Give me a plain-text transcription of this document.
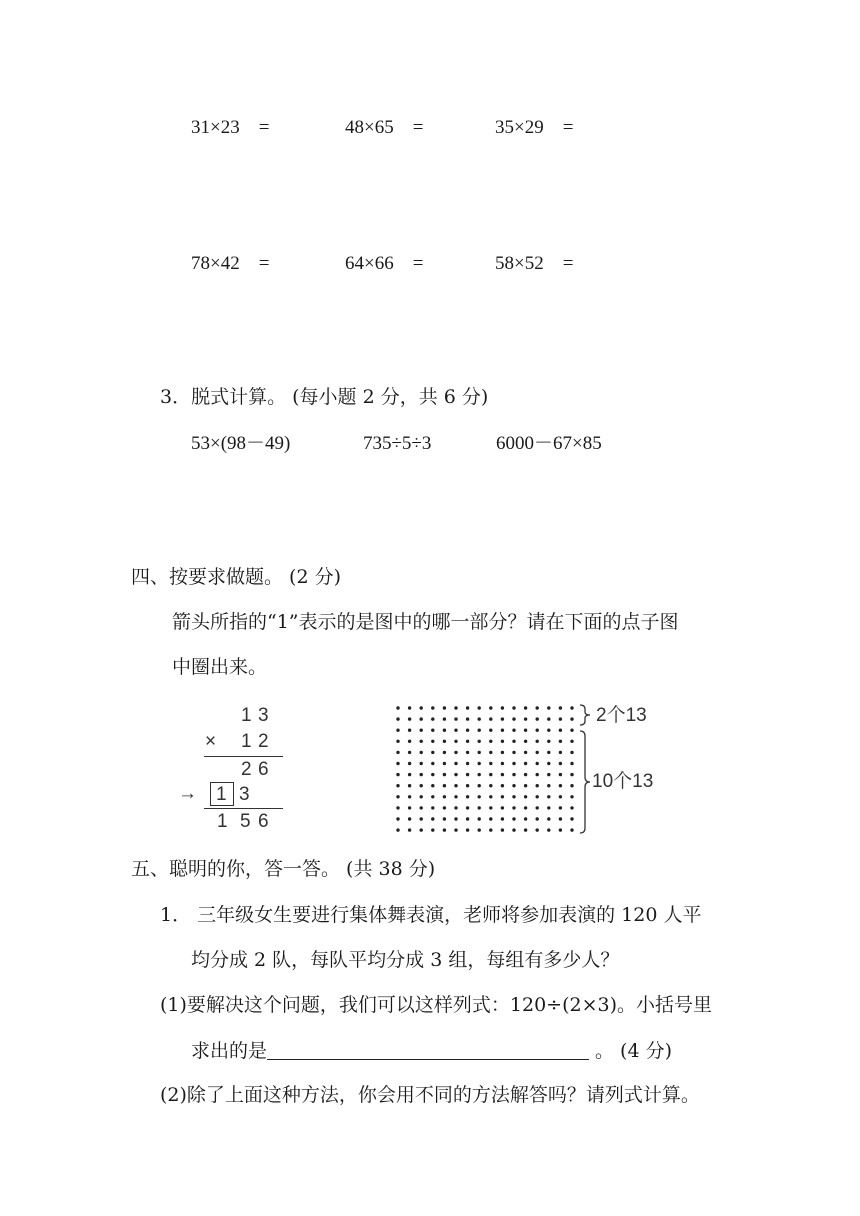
31×23　=	48×65　=	35×29　=
78×42　=	64×66　=	58×52　=
3．脱式计算。 (每小题 2 分，共 6 分)
53×(98－49)	735÷5÷3	6000－67×85
四、按要求做题。 (2 分)
箭头所指的“1”表示的是图中的哪一部分？请在下面的点子图
中圈出来。
1 3
× 1 2
2 6
→ 1 3
1 5 6
2个13
10个13
五、聪明的你，答一答。 (共 38 分)
1． 三年级女生要进行集体舞表演，老师将参加表演的 120 人平
均分成 2 队，每队平均分成 3 组，每组有多少人？
(1)要解决这个问题，我们可以这样列式：120÷(2×3)。小括号里
求出的是	。 (4 分)
(2)除了上面这种方法，你会用不同的方法解答吗？请列式计算。
